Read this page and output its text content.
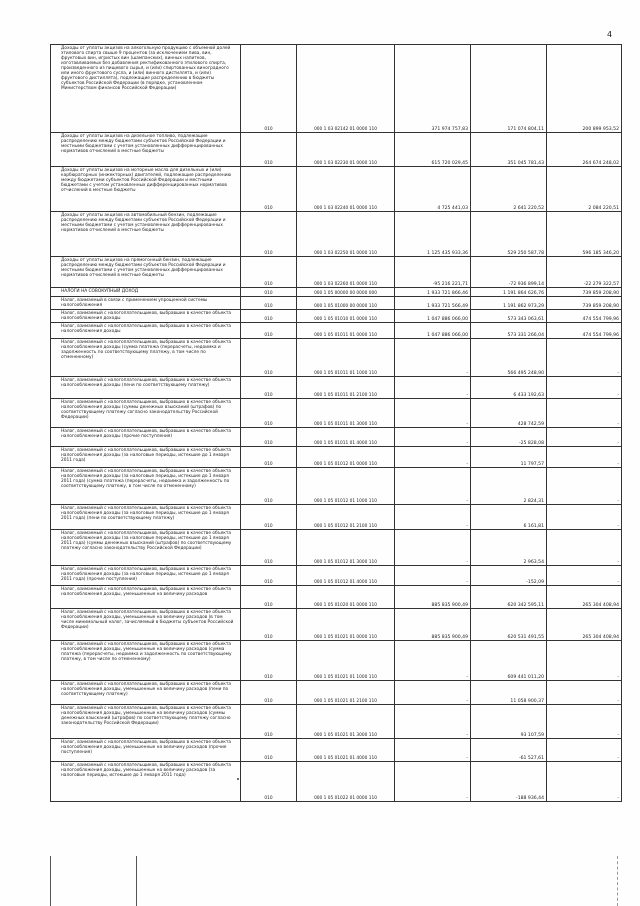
4
Доходы от уплаты акцизов на алкогольную продукцию с объемной долей этилового спирта свыше 9 процентов (за исключением пива, вин, фруктовых вин, игристых вин (шампанских), винных напитков, изготавливаемых без добавления ректификованного этилового спирта, произведенного из пищевого сырья, и (или) спиртованных виноградного или иного фруктового сусла, и (или) винного дистиллята, и (или) фруктового дистиллята), подлежащие распределению в бюджеты субъектов Российской Федерации (в порядке, установленном Министерством финансов Российской Федерации)	010	000 1 03 02142 01 0000 110	371 974 757,83	171 074 804,11	200 899 953,52
Доходы от уплаты акцизов на дизельное топливо, подлежащие распределению между бюджетами субъектов Российской Федерации и местными бюджетами с учетом установленных дифференцированных нормативов отчислений в местные бюджеты	010	000 1 03 02230 01 0000 110	615 720 029,45	351 045 781,43	264 674 248,02
Доходы от уплаты акцизов на моторные масла для дизельных и (или) карбюраторных (инжекторных) двигателей, подлежащие распределению между бюджетами субъектов Российской Федерации и местными бюджетами с учетом установленных дифференцированных нормативов отчислений в местные бюджеты	010	000 1 03 02240 01 0000 110	4 725 441,03	2 641 220,52	2 084 220,51
Доходы от уплаты акцизов на автомобильный бензин, подлежащие распределению между бюджетами субъектов Российской Федерации и местными бюджетами с учетом установленных дифференцированных нормативов отчислений в местные бюджеты	010	000 1 03 02250 01 0000 110	1 125 435 933,36	529 250 587,78	596 185 346,20
Доходы от уплаты акцизов на прямогонный бензин, подлежащие распределению между бюджетами субъектов Российской Федерации и местными бюджетами с учетом установленных дифференцированных нормативов отчислений в местные бюджеты	010	000 1 03 02260 01 0000 110	-95 216 221,71	-72 936 899,14	-22 279 322,57
НАЛОГИ НА СОВОКУПНЫЙ ДОХОД	010	000 1 05 00000 00 0000 000	1 933 721 866,46	1 191 864 626,76	739 859 208,90
Налог, взимаемый в связи с применением упрощенной системы налогообложения	010	000 1 05 01000 00 0000 110	1 933 721 566,49	1 191 862 973,29	739 859 208,90
Налог, взимаемый с налогоплательщиков, выбравших в качестве объекта налогообложения доходы	010	000 1 05 01010 01 0000 110	1 047 886 066,00	573 343 063,61	474 554 799,96
Налог, взимаемый с налогоплательщиков, выбравших в качестве объекта налогообложения доходы	010	000 1 05 01011 01 0000 110	1 047 886 066,00	573 331 266,04	474 554 799,96
Налог, взимаемый с налогоплательщиков, выбравших в качестве объекта налогообложения доходы (сумма платежа (перерасчеты, недоимка и задолженность по соответствующему платежу, в том числе по отмененному)	010	000 1 05 01011 01 1000 110	-	566 495 248,90	-
Налог, взимаемый с налогоплательщиков, выбравших в качестве объекта налогообложения доходы (пени по соответствующему платежу)	010	000 1 05 01011 01 2100 110	-	6 433 192,63	-
Налог, взимаемый с налогоплательщиков, выбравших в качестве объекта налогообложения доходы (суммы денежных взысканий (штрафов) по соответствующему платежу согласно законодательству Российской Федерации)	010	000 1 05 01011 01 3000 110	-	428 742,59	-
Налог, взимаемый с налогоплательщиков, выбравших в качестве объекта налогообложения доходы (прочие поступления)	010	000 1 05 01011 01 4000 110	-	-25 828,08	-
Налог, взимаемый с налогоплательщиков, выбравших в качестве объекта налогообложения доходы (за налоговые периоды, истекшие до 1 января 2011 года)	010	000 1 05 01012 01 0000 110	-	11 797,57	-
Налог, взимаемый с налогоплательщиков, выбравших в качестве объекта налогообложения доходы (за налоговые периоды, истекшие до 1 января 2011 года) (сумма платежа (перерасчеты, недоимка и задолженность по соответствующему платежу, в том числе по отмененному)	010	000 1 05 01012 01 1000 110	-	2 824,31	-
Налог, взимаемый с налогоплательщиков, выбравших в качестве объекта налогообложения доходы (за налоговые периоды, истекшие до 1 января 2011 года) (пени по соответствующему платежу)	010	000 1 05 01012 01 2100 110	-	6 161,81	-
Налог, взимаемый с налогоплательщиков, выбравших в качестве объекта налогообложения доходы (за налоговые периоды, истекшие до 1 января 2011 года) (суммы денежных взысканий (штрафов) по соответствующему платежу согласно законодательству Российской Федерации)	010	000 1 05 01012 01 3000 110	-	2 963,54	-
Налог, взимаемый с налогоплательщиков, выбравших в качестве объекта налогообложения доходы (за налоговые периоды, истекшие до 1 января 2011 года) (прочие поступления)	010	000 1 05 01012 01 4000 110	-	-152,09	-
Налог, взимаемый с налогоплательщиков, выбравших в качестве объекта налогообложения доходы, уменьшенные на величину расходов	010	000 1 05 01020 01 0000 110	885 835 900,49	620 342 595,11	265 304 408,94
Налог, взимаемый с налогоплательщиков, выбравших в качестве объекта налогообложения доходы, уменьшенные на величину расходов (в том числе минимальный налог, зачисляемый в бюджеты субъектов Российской Федерации)	010	000 1 05 01021 01 0000 110	885 835 900,49	620 531 491,55	265 304 408,94
Налог, взимаемый с налогоплательщиков, выбравших в качестве объекта налогообложения доходы, уменьшенные на величину расходов (сумма платежа (перерасчеты, недоимка и задолженность по соответствующему платежу, в том числе по отмененному)	010	000 1 05 01021 01 1000 110	-	609 441 011,20	-
Налог, взимаемый с налогоплательщиков, выбравших в качестве объекта налогообложения доходы, уменьшенные на величину расходов (пени по соответствующему платежу)	010	000 1 05 01021 01 2100 110	-	11 058 900,37	-
Налог, взимаемый с налогоплательщиков, выбравших в качестве объекта налогообложения доходы, уменьшенные на величину расходов (суммы денежных взысканий (штрафов) по соответствующему платежу согласно законодательству Российской Федерации)	010	000 1 05 01021 01 3000 110	-	93 107,59	-
Налог, взимаемый с налогоплательщиков, выбравших в качестве объекта налогообложения доходы, уменьшенные на величину расходов (прочие поступления)	010	000 1 05 01021 01 4000 110	-	-61 527,61	-
Налог, взимаемый с налогоплательщиков, выбравших в качестве объекта налогообложения доходы, уменьшенные на величину расходов (за налоговые периоды, истекшие до 1 января 2011 года)	010	000 1 05 01022 01 0000 110	-	-188 936,44	-
